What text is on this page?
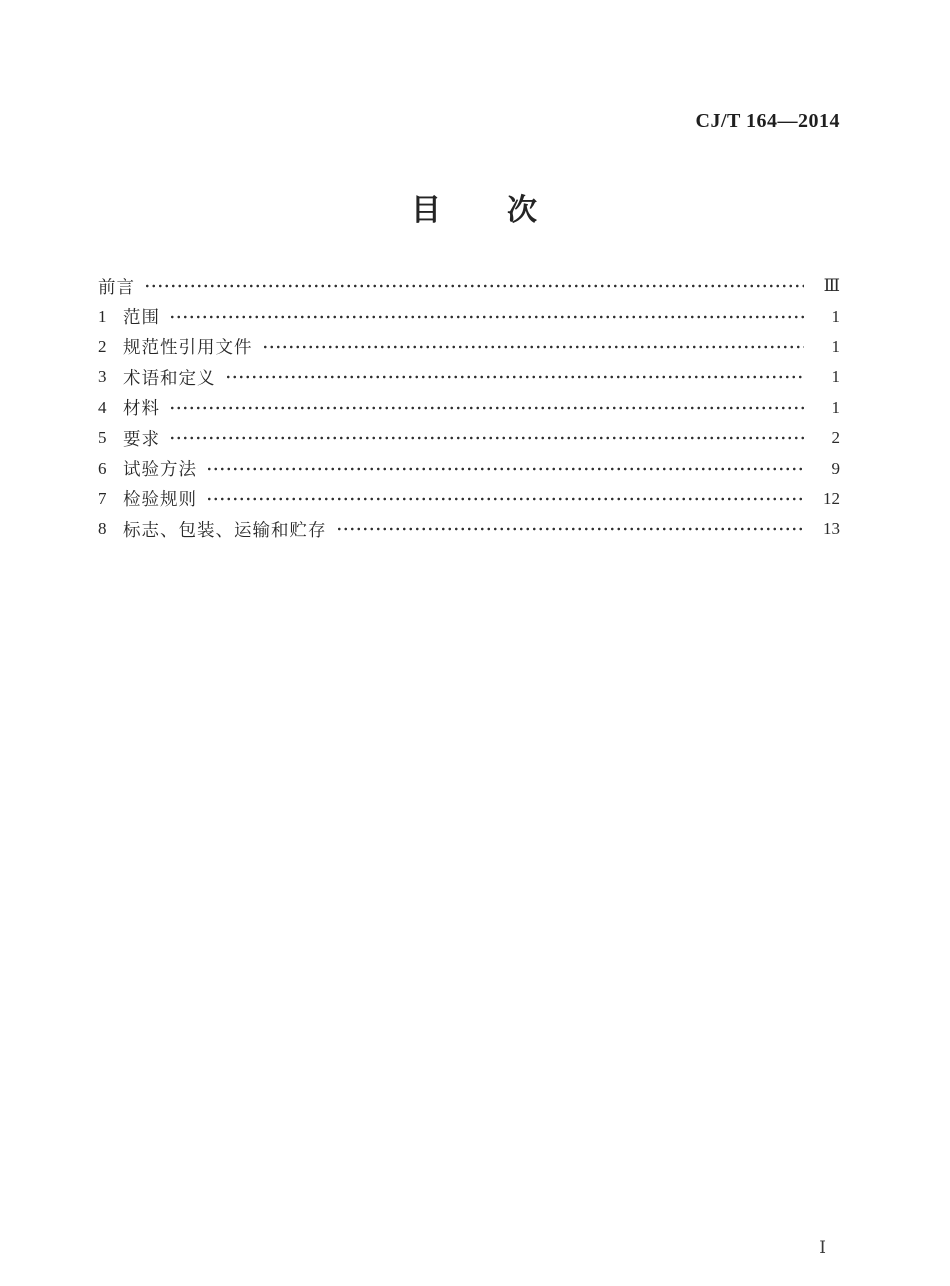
CJ/T 164—2014
目　　次
前言	Ⅲ
1 范围	1
2 规范性引用文件	1
3 术语和定义	1
4 材料	1
5 要求	2
6 试验方法	9
7 检验规则	12
8 标志、包装、运输和贮存	13
Ⅰ
